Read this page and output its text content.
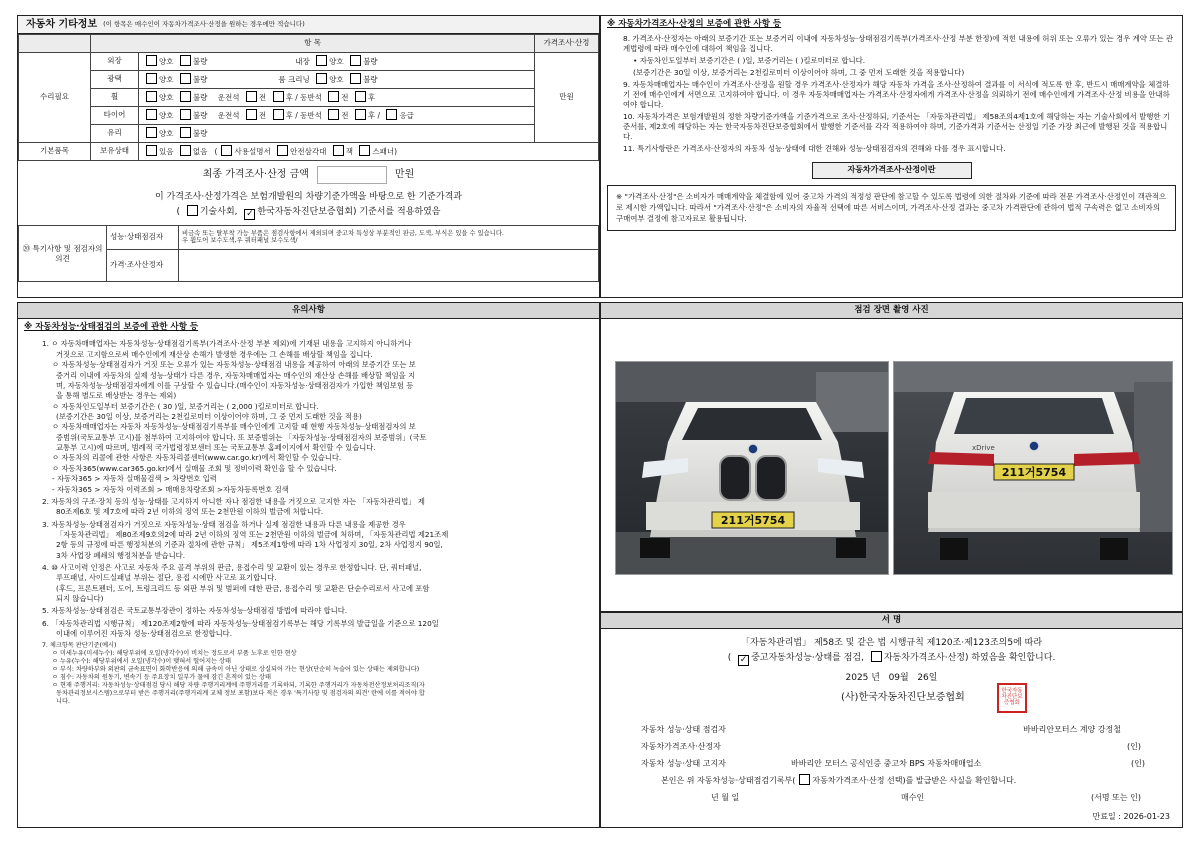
자동차 기타정보 (이 항목은 매수인이 자동차가격조사·산정을 원하는 경우에만 적습니다)
	항 목		가격조사·산정
수리필요	외장	양호 불량 내장 양호 불량	만원
	광택	양호 불량 룸 크리닝 양호 불량	
	휠	양호 불량 운전석 전 후 / 동반석 전 후	
	타이어	양호 불량 운전석 전 후 / 동반석 전 후 / 응급	
	유리	양호 불량	
기본품목	보유상태	있음 없음   ( 사용설명서 안전삼각대 잭 스패너)	
최종 가격조사·산정 금액	만원
이 가격조사·산정가격은 보험개발원의 차량기준가액을 바탕으로 한 기준가격과
( 기술사회, ✓ 한국자동차진단보증협회) 기준서를 적용하였음
⑳ 특기사항 및 점검자의 의견	성능·상태점검자	비금속 또는 탈부착 가능 부품은 점검사항에서 제외되며 중고차 특성상 부분적인 판금, 도색, 부식은 있을 수 있습니다.
우 휠도어 보수도색,우 쿼터패널 보수도색/

	가격·조사산정자	
※ 자동차가격조사·산정의 보증에 관한 사항 등

8. 가격조사·산정자는 아래의 보증기간 또는 보증거리 이내에 자동차성능·상태점검기록부(가격조사·산정 부분 한정)에 적힌 내용에 허위 또는 오류가 있는 경우 계약 또는 관계법령에 따라 매수인에 대하여 책임을 집니다.

• 자동차인도일부터 보증기간은 ( )일, 보증거리는 ( )킬로미터로 합니다.

(보증기간은 30일 이상, 보증거리는 2천킬로미터 이상이어야 하며, 그 중 먼저 도래한 것을 적용합니다)

9. 자동차매매업자는 매수인이 가격조사·산정을 원할 경우 가격조사·산정자가 해당 자동차 가격을 조사·산정하여 결과를 이 서식에 적도록 한 후, 반드시 매매계약을 체결하기 전에 매수인에게 서면으로 고지하여야 합니다. 이 경우 자동차매매업자는 가격조사·산정자에게 가격조사·산정을 의뢰하기 전에 매수인에게 가격조사·산정 비용을 안내하여야 합니다.

10. 자동차가격은 보험개발원의 정한 차량기준가액을 기준가격으로 조사·산정하되, 기준서는 「자동차관리법」 제58조의4제1호에 해당하는 자는 기술사회에서 발행한 기준서를, 제2호에 해당하는 자는 한국자동차진단보증협회에서 발행한 기준서를 각각 적용하여야 하며, 기준가격과 기준서는 산정일 기준 가장 최근에 발행된 것을 적용합니다.

11. 특기사항란은 가격조사·산정자의 자동차 성능·상태에 대한 견해와 성능·상태점검자의 견해와 다를 경우 표시합니다.

자동차가격조사·산정이란
※ "가격조사·산정"은 소비자가 매매계약을 체결함에 있어 중고차 가격의 적정성 판단에 참고할 수 있도록 법령에 의한 절차와 기준에 따라 전문 가격조사·산정인이 객관적으로 제시한 가액입니다. 따라서 "가격조사·산정"은 소비자의 자율적 선택에 따른 서비스이며, 가격조사·산정 결과는 중고차 가격판단에 관하여 법적 구속력은 없고 소비자의 구매여부 결정에 참고자료로 활용됩니다.
유의사항
※ 자동차성능·상태점검의 보증에 관한 사항 등
1. ㅇ 자동차매매업자는 자동차성능·상태점검기록부(가격조사·산정 부분 제외)에 기재된 내용을 고지하지 아니하거나
거짓으로 고지함으로써 매수인에게 재산상 손해가 발생한 경우에는 그 손해를 배상할 책임을 집니다.
ㅇ 자동차성능·상태점검자가 거짓 또는 오류가 있는 자동차성능·상태점검 내용을 제공하여 아래의 보증기간 또는 보
증거리 이내에 자동차의 실제 성능·상태가 다른 경우, 자동차매매업자는 매수인의 재산상 손해를 배상할 책임을 지
며, 자동차성능·상태점검자에게 이를 구상할 수 있습니다.(매수인이 자동차성능·상태점검자가 가입한 책임보험 등
을 통해 별도로 배상받는 경우는 제외)
ㅇ 자동차인도일부터 보증기간은 ( 30 )일, 보증거리는 ( 2,000 )킬로미터로 합니다.
(보증기간은 30일 이상, 보증거리는 2천킬로미터 이상이어야 하며, 그 중 먼저 도래한 것을 적용)
ㅇ 자동차매매업자는 자동차 자동차성능·상태점검기록부를 매수인에게 고지할 때 현행 자동차성능·상태점검자의 보
증범위(국토교통부 고시)를 첨부하여 고지하여야 합니다. 또 보증범위는 「자동차성능·상태점검자의 보증범위」(국토
교통부 고시)에 따르며, 범례적 국가법령정보센터 또는 국토교통부 홈페이지에서 확인할 수 있습니다.
ㅇ 자동차의 리콜에 관한 사항은 자동차리콜센터(www.car.go.kr)에서 확인할 수 있습니다.
ㅇ 자동차365(www.car365.go.kr)에서 실매물 조회 및 정비이력 확인을 할 수 있습니다.
- 자동차365 > 자동차 실매물검색 > 차량번호 입력
- 자동차365 > 자동차 이력조회 > 매매용차량조회 >자동차등록번호 검색
2. 자동차의 구조·장치 등의 성능·상태를 고지하지 아니한 자나 점검한 내용을 거짓으로 고지한 자는 「자동차관리법」 제
80조제6호 및 제7호에 따라 2년 이하의 징역 또는 2천만원 이하의 벌금에 처합니다.
3. 자동차성능·상태점검자가 거짓으로 자동차성능·상태 점검을 하거나 실제 점검한 내용과 다른 내용을 제공한 경우
「자동차관리법」 제80조제9호의2에 따라 2년 이하의 징역 또는 2천만원 이하의 벌금에 처하며, 「자동차관리법 제21조제
2항 등의 규정에 따른 행정처분의 기준과 절차에 관한 규칙」 제5조제1항에 따라 1차 사업정지 30일, 2차 사업정지 90일,
3차 사업장 폐쇄의 행정처분을 받습니다.
4. ⑩ 사고이력 인정은 사고로 자동차 주요 골격 부위의 판금, 용접수리 및 교환이 있는 경우로 한정합니다. 단, 쿼터패널,
루프패널, 사이드실패널 부위는 절단, 용접 시에만 사고로 표기합니다.
(후드, 프론트펜더, 도어, 트렁크리드 등 외판 부위 및 범퍼에 대한 판금, 용접수리 및 교환은 단순수리로서 사고에 포함
되지 않습니다)
5. 자동차성능·상태점검은 국토교통부장관이 정하는 자동차성능·상태점검 방법에 따라야 합니다.
6. 「자동차관리법 시행규칙」 제120조제2항에 따라 자동차성능·상태점검기록부는 해당 기록부의 발급일을 기준으로 120일
이내에 이루어진 자동차 성능·상태점검으로 한정합니다.
7. 체크항목 판단기준(예시)
ㅇ 미세누유(미세누수): 해당부위에 오일(냉각수)이 비치는 정도로서 부품 노후로 인한 현상
ㅇ 누유(누수): 해당부위에서 오일(냉각수)이 맺혀서 떨어지는 상태
ㅇ 부식: 차량하부와 외판의 금속표면이 화학반응에 의해 금속이 아닌 상태로 상실되어 가는 현상(단순히 녹슬어 있는 상태는 제외합니다)
ㅇ 침수: 자동차의 원동기, 변속기 등 주요장치 일부가 물에 잠긴 흔적이 있는 상태
ㅇ 현재 주행거리: 자동차성능·상태점검 당시 해당 자량 주행거리계에 주행거리를 기록하되, 기록한 주행거리가 자동차전산정보처리조직(자
동차관리정보시스템)으로부터 받은 주행거리(주행거리계 교체 정보 포함)보다 적은 경우 '특기사항 및 점검자의 의견' 란에 이를 적어야 합
니다.
점검 장면 촬영 사진
211거5754
xDrive
211거5754
서 명
「자동차관리법」 제58조 및 같은 법 시행규칙 제120조·제123조의5에 따라
( ✓중고자동차성능·상태를 점검, 자동차가격조사·산정) 하였음을 확인합니다.
2025 년 09월 26일
(사)한국자동차진단보증협회
한국자동차진단보증협회
자동차 성능·상태 점검자	바바리안모터스 계양 강정철
자동차가격조사·산정자	(인)
자동차 성능·상태 고지자	바바리안 모터스 공식인증 중고차 BPS 자동차매매업소	(인)
본인은 위 자동차성능·상태점검기록부( 자동차가격조사·산정 선택)를 발급받은 사실을 확인합니다.
년 월 일	매수인	(서명 또는 인)
만료일 : 2026-01-23
